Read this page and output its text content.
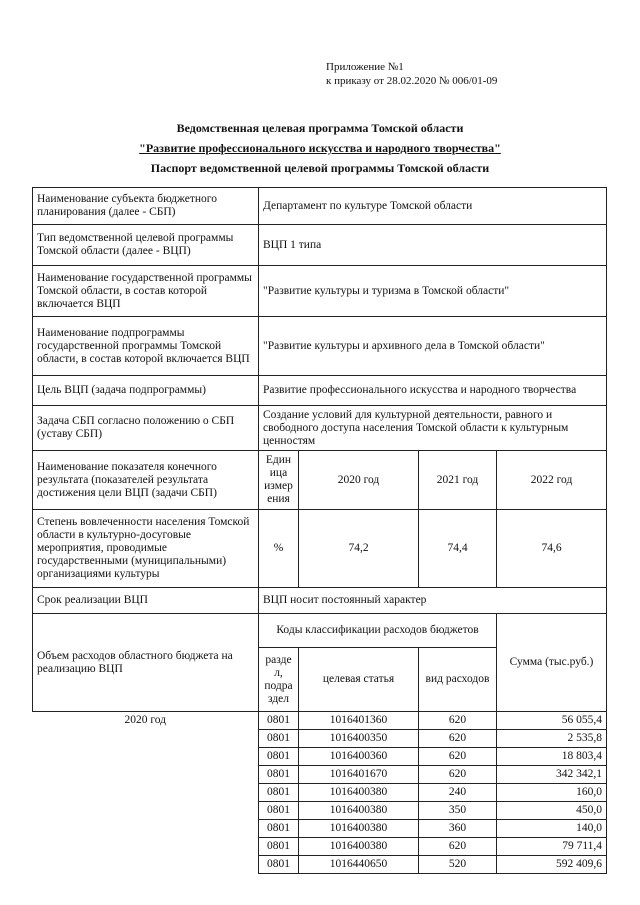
Приложение №1
к приказу от 28.02.2020 № 006/01-09
Ведомственная целевая программа Томской области
"Развитие профессионального искусства и народного творчества"
Паспорт ведомственной целевой программы Томской области
Наименование субъекта бюджетного планирования (далее - СБП)	Департамент по культуре Томской области			
Тип ведомственной целевой программы Томской области (далее - ВЦП)	ВЦП 1 типа			
Наименование государственной программы Томской области, в состав которой включается ВЦП	"Развитие культуры и туризма в Томской области"			
Наименование подпрограммы государственной программы Томской области, в состав которой включается ВЦП	"Развитие культуры и архивного дела в Томской области"			
Цель ВЦП (задача подпрограммы)	Развитие профессионального искусства и народного творчества			
Задача СБП согласно положению о СБП (уставу СБП)	Создание условий для культурной деятельности, равного и свободного доступа населения Томской области к культурным ценностям			
Наименование показателя конечного результата (показателей результата достижения цели ВЦП (задачи СБП)	Един ица измер ения	2020 год	2021 год	2022 год
Степень вовлеченности населения Томской области в культурно-досуговые мероприятия, проводимые государственными (муниципальными) организациями культуры	%	74,2	74,4	74,6
Срок реализации ВЦП	ВЦП носит постоянный характер			
Объем расходов областного бюджета на реализацию ВЦП	Коды классификации расходов бюджетов			Сумма (тыс.руб.)
	разде л, подра здел	целевая статья	вид расходов	
2020 год	0801	1016401360	620	56 055,4
	0801	1016400350	620	2 535,8
	0801	1016400360	620	18 803,4
	0801	1016401670	620	342 342,1
	0801	1016400380	240	160,0
	0801	1016400380	350	450,0
	0801	1016400380	360	140,0
	0801	1016400380	620	79 711,4
	0801	1016440650	520	592 409,6
